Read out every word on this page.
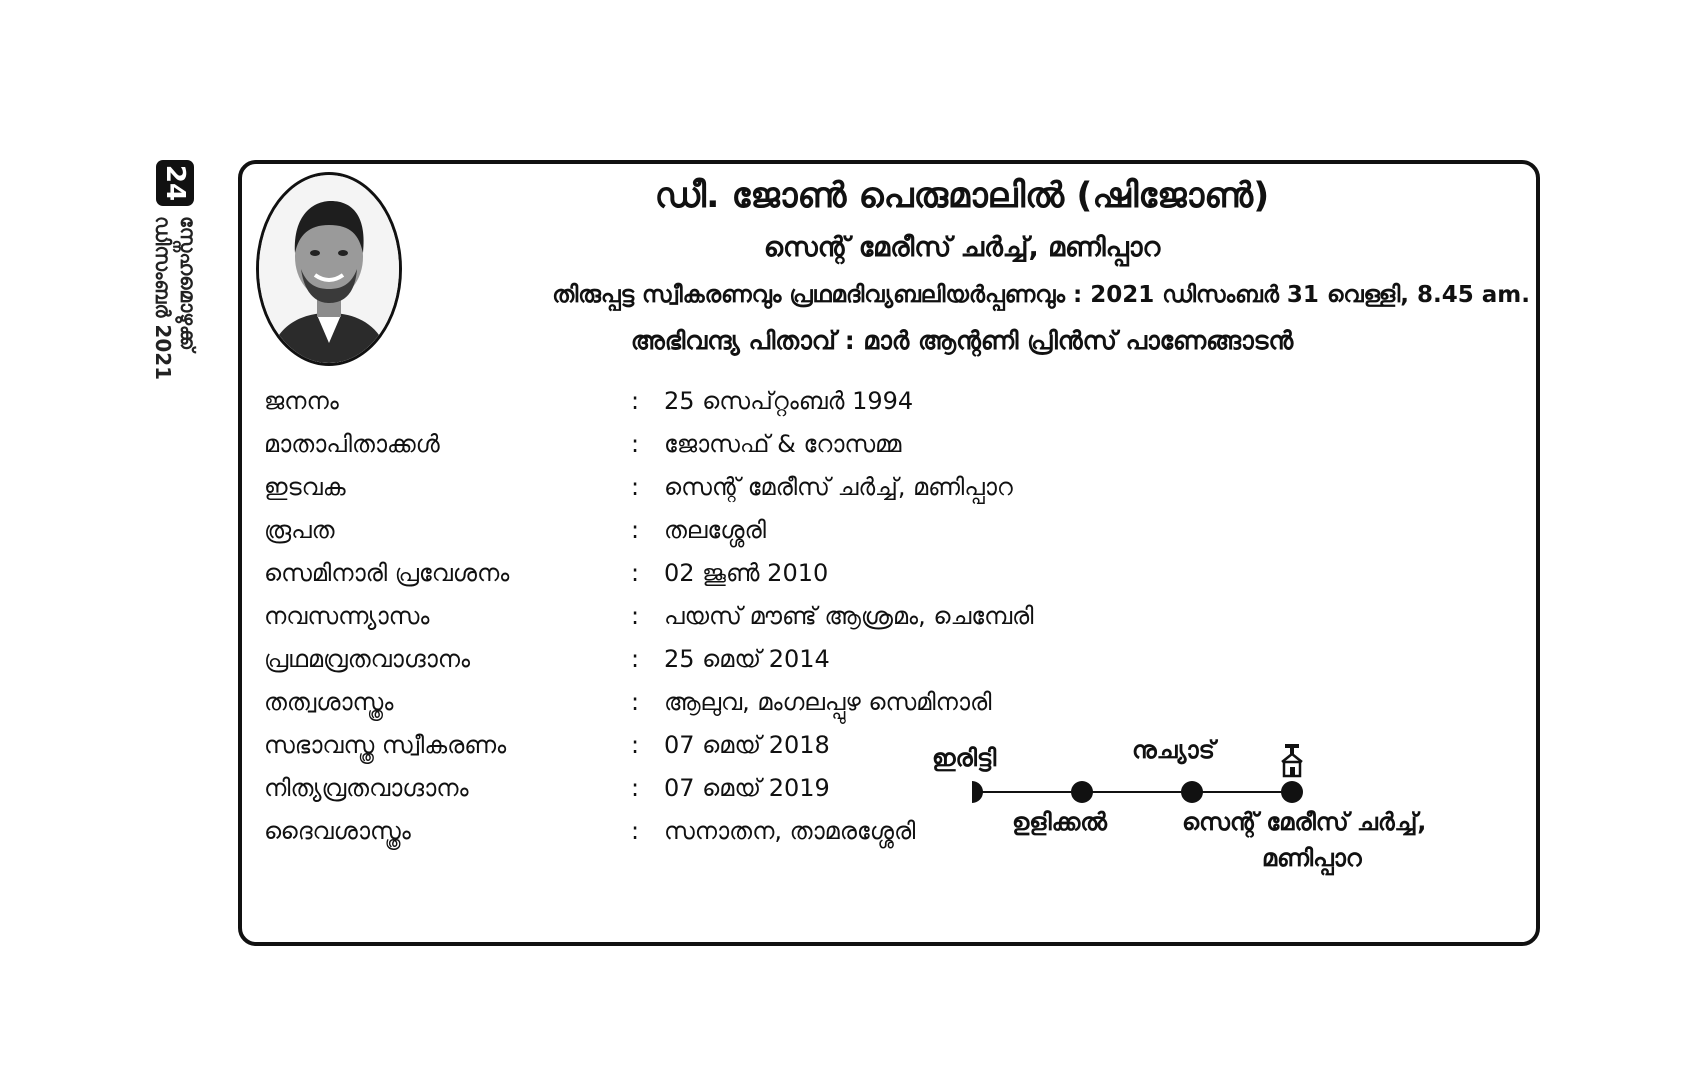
24
സ്നേഹമൊഴുക്ക്
ഡിസംബർ 2021
ഡീ. ജോൺ പെരുമാലിൽ (ഷിജോൺ)
സെന്റ് മേരീസ് ചർച്ച്, മണിപ്പാറ
തിരുപ്പട്ട സ്വീകരണവും പ്രഥമദിവ്യബലിയർപ്പണവും : 2021 ഡിസംബർ 31 വെള്ളി, 8.45 am.
അഭിവന്ദ്യ പിതാവ് : മാർ ആന്റണി പ്രിൻസ് പാണേങ്ങാടൻ
ജനനം	: 25 സെപ്റ്റംബർ 1994
മാതാപിതാക്കൾ	: ജോസഫ് & റോസമ്മ
ഇടവക	: സെന്റ് മേരീസ് ചർച്ച്, മണിപ്പാറ
രൂപത	: തലശ്ശേരി
സെമിനാരി പ്രവേശനം	: 02 ജൂൺ 2010
നവസന്ന്യാസം	: പയസ് മൗണ്ട് ആശ്രമം, ചെമ്പേരി
പ്രഥമവ്രതവാഗ്ദാനം	: 25 മെയ് 2014
തത്വശാസ്ത്രം	: ആലുവ, മംഗലപ്പുഴ സെമിനാരി
സഭാവസ്ത്ര സ്വീകരണം	: 07 മെയ് 2018
നിത്യവ്രതവാഗ്ദാനം	: 07 മെയ് 2019
ദൈവശാസ്ത്രം	: സനാതന, താമരശ്ശേരി
ഇരിട്ടി
ഉളിക്കൽ
നുച്യാട്
സെന്റ് മേരീസ് ചർച്ച്,
മണിപ്പാറ
